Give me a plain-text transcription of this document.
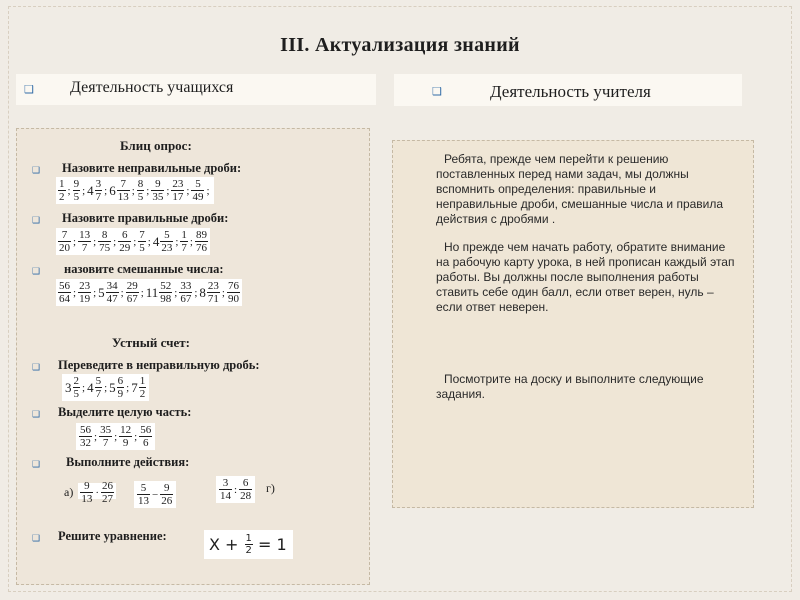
III. Актуализация знаний
❑ Деятельность учащихся	❑	Деятельность учителя
Блиц опрос:
❑ Назовите неправильные дроби:
$\frac{1}{2}$ ; $\frac{9}{5}$ ; $4 \frac{3}{7}$ ; $6 \frac{7}{13}$ ; $\frac{8}{5}$ ; $\frac{9}{35}$ ; $\frac{23}{17}$ ; $\frac{5}{49}$ ;
❑ Назовите правильные дроби:
$\frac{7}{20}$ ; $\frac{13}{7}$ ; $\frac{8}{75}$ ; $\frac{6}{29}$ ; $\frac{7}{5}$ ; $4 \frac{5}{23}$ ; $\frac{1}{7}$ ; $\frac{89}{76}$
❑ назовите смешанные числа:
$\frac{56}{64}$ ; $\frac{23}{19}$ ; $5 \frac{34}{47}$ ; $\frac{29}{67}$ ; $11 \frac{52}{98}$ ; $\frac{33}{67}$ ; $8 \frac{23}{71}$ ; $\frac{76}{90}$
Устный счет:
❑ Переведите в неправильную дробь:
$3 \frac{2}{5}$ ; $4 \frac{5}{7}$ ; $5 \frac{6}{9}$ ; $7 \frac{1}{2}$
❑ Выделите целую часть:
$\frac{56}{32}$ ; $\frac{35}{7}$ ; $\frac{12}{9}$ ; $\frac{56}{6}$
❑ Выполните действия:
$а) \frac{9}{13} \cdot \frac{26}{27} \frac{5}{13} - \frac{9}{26}$	$\frac{3}{14}$ : $\frac{6}{28} г$)
❑ Решите уравнение:	$X + \frac{1}{2} = 1$
Ребята, прежде чем перейти к решению поставленных перед нами задач, мы должны вспомнить определения: правильные и неправильные дроби, смешанные числа и правила действия с дробями .
Но прежде чем начать работу, обратите внимание на рабочую карту урока, в ней прописан каждый этап работы. Вы должны после выполнения работы ставить себе один балл, если ответ верен, нуль – если ответ неверен.
Посмотрите на доску и выполните следующие задания.
